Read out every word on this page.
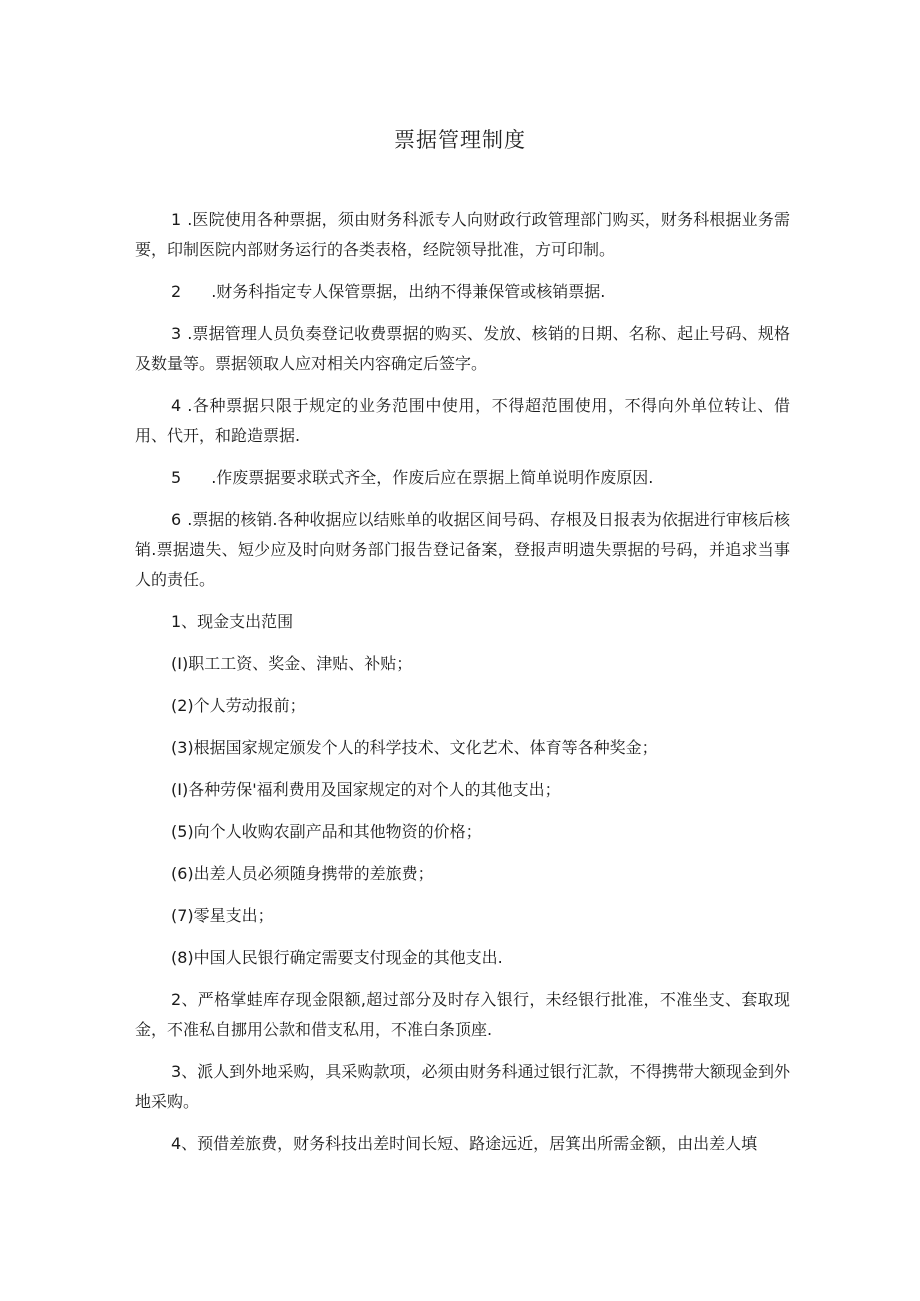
票据管理制度

1 .医院使用各种票据，须由财务科派专人向财政行政管理部门购买，财务科根据业务需要，印制医院内部财务运行的各类表格，经院领导批准，方可印制。

2 .财务科指定专人保管票据，出纳不得兼保管或核销票据.

3 .票据管理人员负奏登记收费票据的购买、发放、核销的日期、名称、起止号码、规格及数量等。票据领取人应对相关内容确定后签字。

4 .各种票据只限于规定的业务范围中使用，不得超范围使用，不得向外单位转让、借用、代开，和跄造票据.

5 .作废票据要求联式齐全，作废后应在票据上简单说明作废原因.

6 .票据的核销.各种收据应以结账单的收据区间号码、存根及日报表为依据进行审核后核销.票据遗失、短少应及时向财务部门报告登记备案，登报声明遗失票据的号码，并追求当事人的责任。

1、现金支出范围

(I)职工工资、奖金、津贴、补贴；

(2)个人劳动报前；

(3)根据国家规定颁发个人的科学技术、文化艺术、体育等各种奖金；

(I)各种劳保'福利费用及国家规定的对个人的其他支出；

(5)向个人收购农副产品和其他物资的价格；

(6)出差人员必须随身携带的差旅费；

(7)零星支出；

(8)中国人民银行确定需要支付现金的其他支出.

2、严格掌蛙库存现金限额,超过部分及时存入银行，未经银行批准，不准坐支、套取现金，不准私自挪用公款和借支私用，不准白条顶座.

3、派人到外地采购，具采购款项，必须由财务科通过银行汇款，不得携带大额现金到外地采购。

4、预借差旅费，财务科技出差时间长短、路途远近，居箕出所需金额，由出差人填
